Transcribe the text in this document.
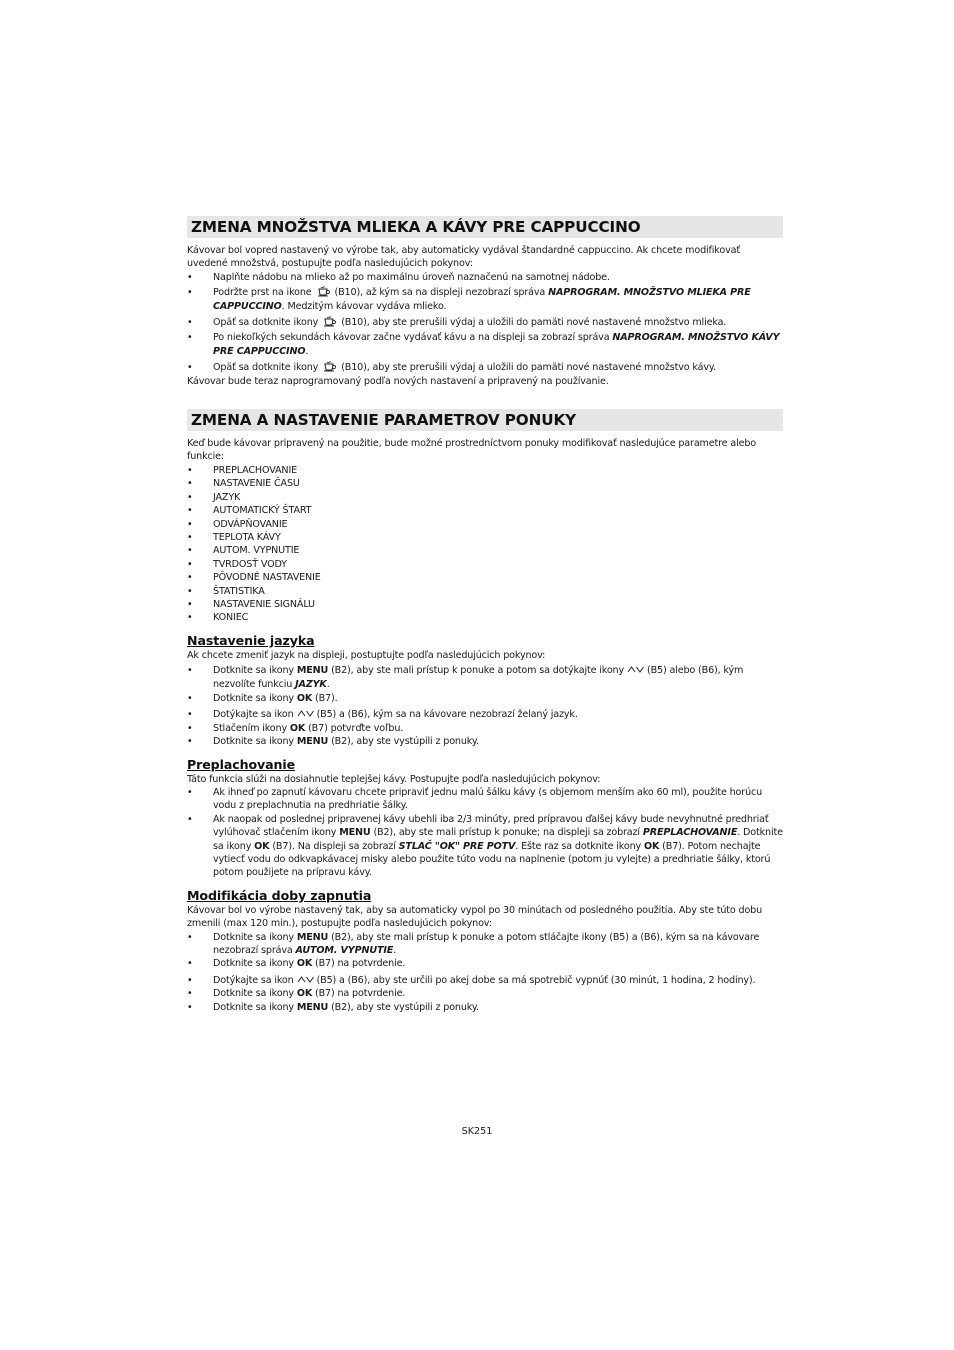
ZMENA MNOŽSTVA MLIEKA A KÁVY PRE CAPPUCCINO

Kávovar bol vopred nastavený vo výrobe tak, aby automaticky vydával štandardné cappuccino. Ak chcete modifikovať uvedené množstvá, postupujte podľa nasledujúcich pokynov:

• Naplňte nádobu na mlieko až po maximálnu úroveň naznačenú na samotnej nádobe.
• Podržte prst na ikone (B10), až kým sa na displeji nezobrazí správa NAPROGRAM. MNOŽSTVO MLIEKA PRE CAPPUCCINO. Medzitým kávovar vydáva mlieko.
• Opäť sa dotknite ikony (B10), aby ste prerušili výdaj a uložili do pamäti nové nastavené množstvo mlieka.
• Po niekoľkých sekundách kávovar začne vydávať kávu a na displeji sa zobrazí správa NAPROGRAM. MNOŽSTVO KÁVY PRE CAPPUCCINO.
• Opäť sa dotknite ikony (B10), aby ste prerušili výdaj a uložili do pamäti nové nastavené množstvo kávy.

Kávovar bude teraz naprogramovaný podľa nových nastavení a pripravený na používanie.

ZMENA A NASTAVENIE PARAMETROV PONUKY

Keď bude kávovar pripravený na použitie, bude možné prostredníctvom ponuky modifikovať nasledujúce parametre alebo funkcie:

• PREPLACHOVANIE
• NASTAVENIE ČASU
• JAZYK
• AUTOMATICKÝ ŠTART
• ODVÁPŇOVANIE
• TEPLOTA KÁVY
• AUTOM. VYPNUTIE
• TVRDOSŤ VODY
• PÔVODNÉ NASTAVENIE
• ŠTATISTIKA
• NASTAVENIE SIGNÁLU
• KONIEC

Nastavenie jazyka

Ak chcete zmeniť jazyk na displeji, postuptujte podľa nasledujúcich pokynov:

• Dotknite sa ikony MENU (B2), aby ste mali prístup k ponuke a potom sa dotýkajte ikony (B5) alebo (B6), kým nezvolíte funkciu JAZYK.
• Dotknite sa ikony OK (B7).
• Dotýkajte sa ikon (B5) a (B6), kým sa na kávovare nezobrazí želaný jazyk.
• Stlačením ikony OK (B7) potvrďte voľbu.
• Dotknite sa ikony MENU (B2), aby ste vystúpili z ponuky.

Preplachovanie

Táto funkcia slúži na dosiahnutie teplejšej kávy. Postupujte podľa nasledujúcich pokynov:

• Ak ihneď po zapnutí kávovaru chcete pripraviť jednu malú šálku kávy (s objemom menším ako 60 ml), použite horúcu vodu z preplachnutia na predhriatie šálky.
• Ak naopak od poslednej pripravenej kávy ubehli iba 2/3 minúty, pred prípravou ďalšej kávy bude nevyhnutné predhriať vylúhovač stlačením ikony MENU (B2), aby ste mali prístup k ponuke; na displeji sa zobrazí PREPLACHOVANIE. Dotknite sa ikony OK (B7). Na displeji sa zobrazí STLAČ "OK" PRE POTV. Ešte raz sa dotknite ikony OK (B7). Potom nechajte vytiecť vodu do odkvapkávacej misky alebo použite túto vodu na naplnenie (potom ju vylejte) a predhriatie šálky, ktorú potom použijete na prípravu kávy.

Modifikácia doby zapnutia

Kávovar bol vo výrobe nastavený tak, aby sa automaticky vypol po 30 minútach od posledného použitia. Aby ste túto dobu zmenili (max 120 min.), postupujte podľa nasledujúcich pokynov:

• Dotknite sa ikony MENU (B2), aby ste mali prístup k ponuke a potom stláčajte ikony (B5) a (B6), kým sa na kávovare nezobrazí správa AUTOM. VYPNUTIE.
• Dotknite sa ikony OK (B7) na potvrdenie.
• Dotýkajte sa ikon (B5) a (B6), aby ste určili po akej dobe sa má spotrebič vypnúť (30 minút, 1 hodina, 2 hodiny).
• Dotknite sa ikony OK (B7) na potvrdenie.
• Dotknite sa ikony MENU (B2), aby ste vystúpili z ponuky.
SK251
